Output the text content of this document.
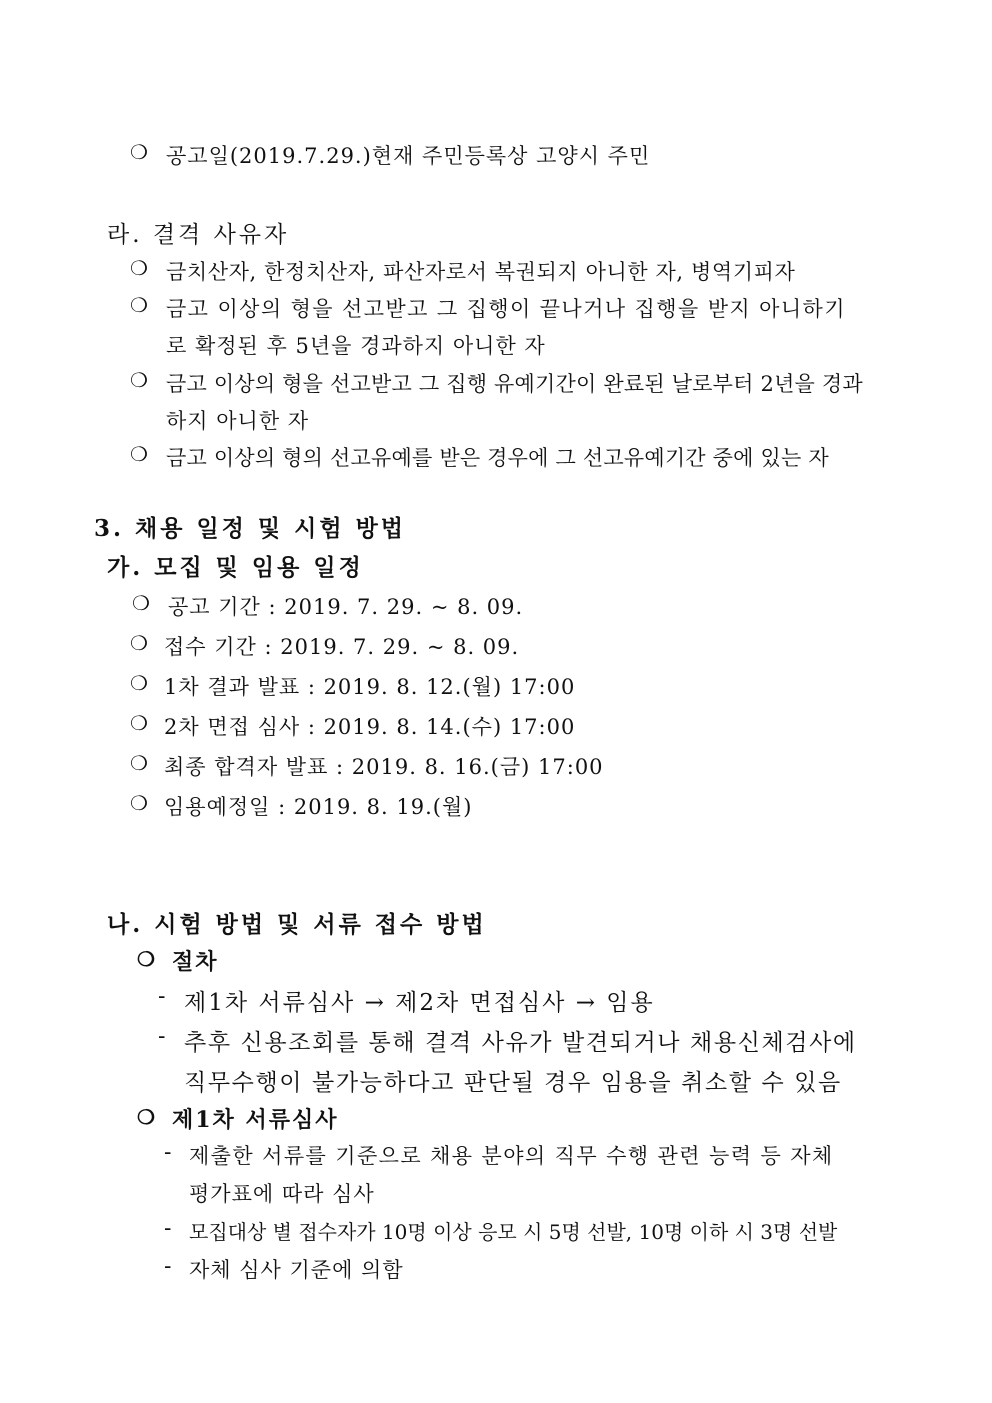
❍ 공고일(2019.7.29.)현재 주민등록상 고양시 주민
라. 결격 사유자
❍ 금치산자, 한정치산자, 파산자로서 복권되지 아니한 자, 병역기피자
❍ 금고 이상의 형을 선고받고 그 집행이 끝나거나 집행을 받지 아니하기
로 확정된 후 5년을 경과하지 아니한 자
❍ 금고 이상의 형을 선고받고 그 집행 유예기간이 완료된 날로부터 2년을 경과
하지 아니한 자
❍ 금고 이상의 형의 선고유예를 받은 경우에 그 선고유예기간 중에 있는 자
3. 채용 일정 및 시험 방법
가. 모집 및 임용 일정
❍ 공고 기간 : 2019. 7. 29. ~ 8. 09.
❍ 접수 기간 : 2019. 7. 29. ~ 8. 09.
❍ 1차 결과 발표 : 2019. 8. 12.(월) 17:00
❍ 2차 면접 심사 : 2019. 8. 14.(수) 17:00
❍ 최종 합격자 발표 : 2019. 8. 16.(금) 17:00
❍ 임용예정일 : 2019. 8. 19.(월)
나. 시험 방법 및 서류 접수 방법
❍ 절차
- 제1차 서류심사 → 제2차 면접심사 → 임용
- 추후 신용조회를 통해 결격 사유가 발견되거나 채용신체검사에
직무수행이 불가능하다고 판단될 경우 임용을 취소할 수 있음
❍ 제1차 서류심사
- 제출한 서류를 기준으로 채용 분야의 직무 수행 관련 능력 등 자체
평가표에 따라 심사
- 모집대상 별 접수자가 10명 이상 응모 시 5명 선발, 10명 이하 시 3명 선발
- 자체 심사 기준에 의함
